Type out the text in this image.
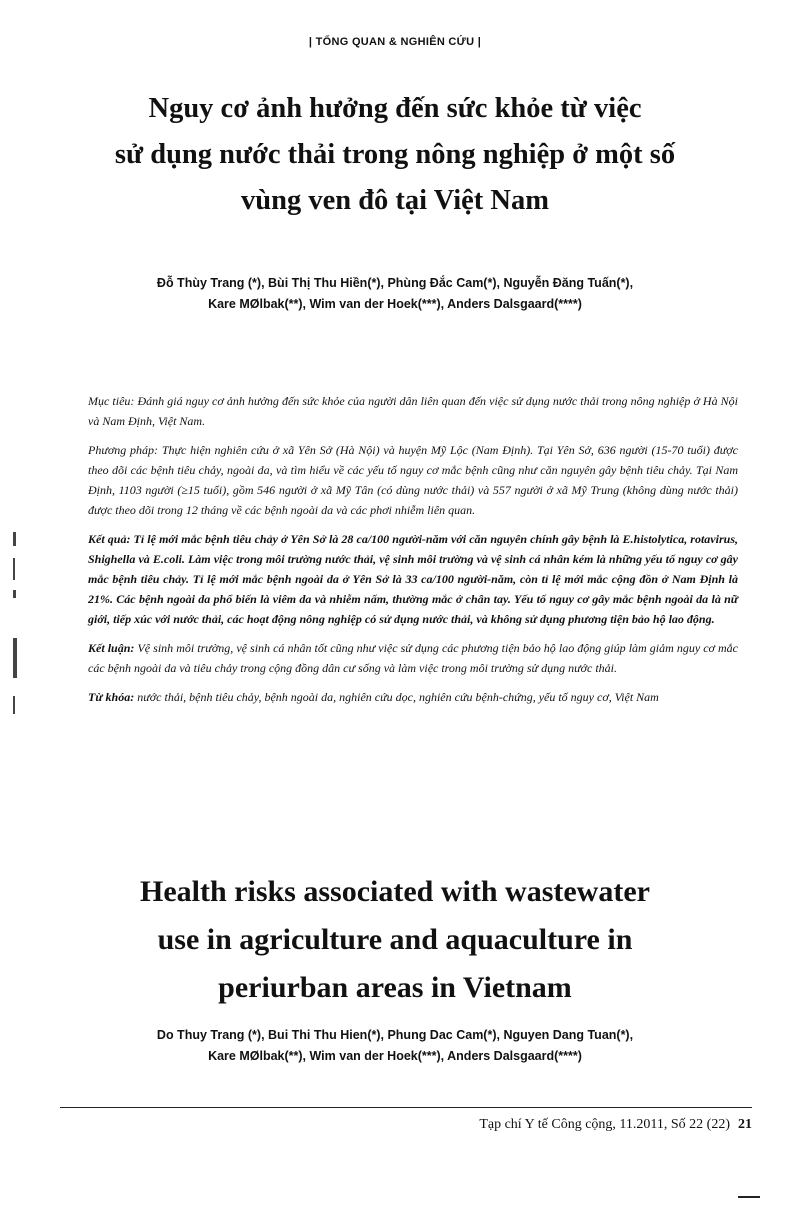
| TỔNG QUAN & NGHIÊN CỨU |
Nguy cơ ảnh hưởng đến sức khỏe từ việc
sử dụng nước thải trong nông nghiệp ở một số
vùng ven đô tại Việt Nam
Đỗ Thùy Trang (*), Bùi Thị Thu Hiền(*), Phùng Đắc Cam(*), Nguyễn Đăng Tuấn(*),
Kare MØlbak(**), Wim van der Hoek(***), Anders Dalsgaard(****)

Mục tiêu: Đánh giá nguy cơ ảnh hưởng đến sức khỏe của người dân liên quan đến việc sử dụng nước thải trong nông nghiệp ở Hà Nội và Nam Định, Việt Nam.

Phương pháp: Thực hiện nghiên cứu ở xã Yên Sở (Hà Nội) và huyện Mỹ Lộc (Nam Định). Tại Yên Sở, 636 người (15-70 tuổi) được theo dõi các bệnh tiêu chảy, ngoài da, và tìm hiểu về các yếu tố nguy cơ mắc bệnh cũng như căn nguyên gây bệnh tiêu chảy. Tại Nam Định, 1103 người (≥15 tuổi), gồm 546 người ở xã Mỹ Tân (có dùng nước thải) và 557 người ở xã Mỹ Trung (không dùng nước thải) được theo dõi trong 12 tháng về các bệnh ngoài da và các phơi nhiễm liên quan.

Kết quả: Tỉ lệ mới mắc bệnh tiêu chảy ở Yên Sở là 28 ca/100 người-năm với căn nguyên chính gây bệnh là E.histolytica, rotavirus, Shighella và E.coli. Làm việc trong môi trường nước thải, vệ sinh môi trường và vệ sinh cá nhân kém là những yếu tố nguy cơ gây mắc bệnh tiêu chảy. Tỉ lệ mới mắc bệnh ngoài da ở Yên Sở là 33 ca/100 người-năm, còn tỉ lệ mới mắc cộng đồn ở Nam Định là 21%. Các bệnh ngoài da phổ biến là viêm da và nhiễm nấm, thường mắc ở chân tay. Yếu tố nguy cơ gây mắc bệnh ngoài da là nữ giới, tiếp xúc với nước thải, các hoạt động nông nghiệp có sử dụng nước thải, và không sử dụng phương tiện bảo hộ lao động.

Kết luận: Vệ sinh môi trường, vệ sinh cá nhân tốt cũng như việc sử dụng các phương tiện bảo hộ lao động giúp làm giảm nguy cơ mắc các bệnh ngoài da và tiêu chảy trong cộng đồng dân cư sống và làm việc trong môi trường sử dụng nước thải.

Từ khóa: nước thải, bệnh tiêu chảy, bệnh ngoài da, nghiên cứu dọc, nghiên cứu bệnh-chứng, yếu tố nguy cơ, Việt Nam

Health risks associated with wastewater
use in agriculture and aquaculture in
periurban areas in Vietnam
Do Thuy Trang (*), Bui Thi Thu Hien(*), Phung Dac Cam(*), Nguyen Dang Tuan(*),
Kare MØlbak(**), Wim van der Hoek(***), Anders Dalsgaard(****)
Tạp chí Y tế Công cộng, 11.2011, Số 22 (22) 21
